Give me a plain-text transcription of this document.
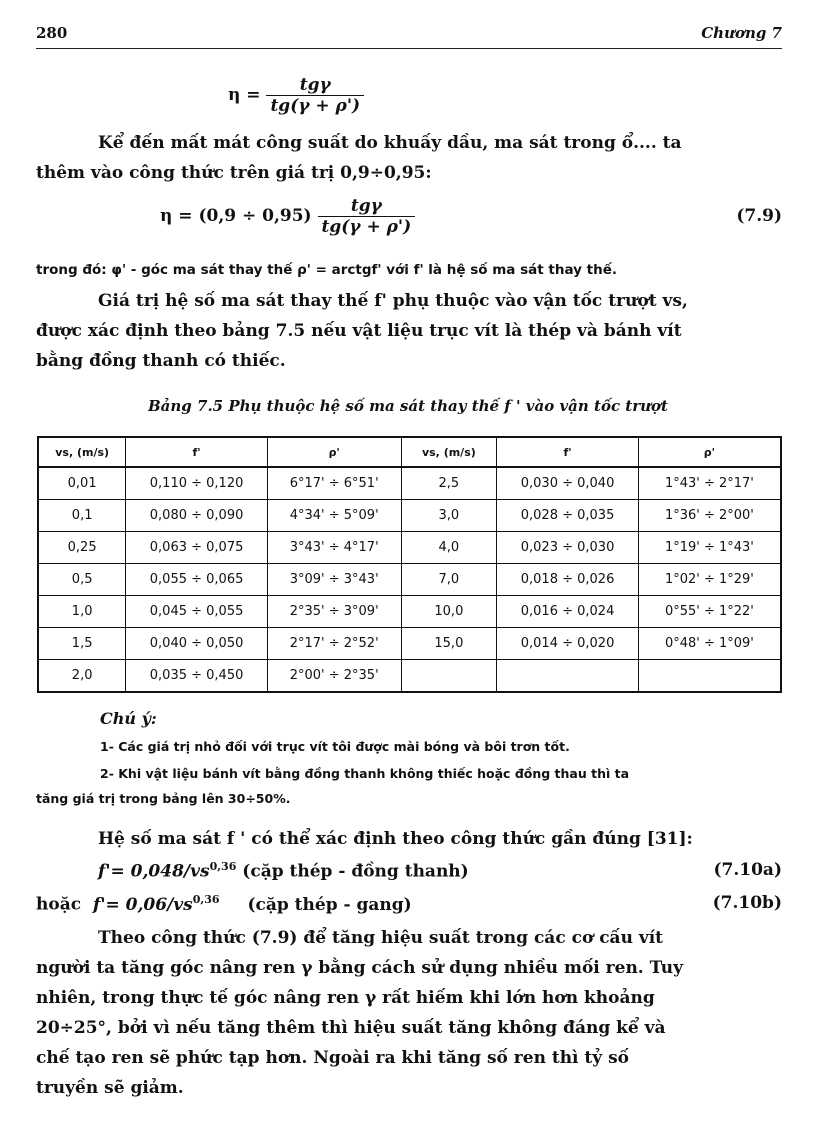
280	Chương 7
$\eta = \frac{\text{tgγ}}{tg(\gamma + \rho')}$
Kể đến mất mát công suất do khuấy dầu, ma sát trong ổ.... ta
thêm vào công thức trên giá trị 0,9÷0,95:
$\eta = (0,9 \div 0,95) \frac{\text{tgγ}}{tg(\gamma + \rho')}$	(7.9)
trong đó: φ' - góc ma sát thay thế ρ' = arctgf' với f' là hệ số ma sát thay thế.
Giá trị hệ số ma sát thay thế f' phụ thuộc vào vận tốc trượt vs,
được xác định theo bảng 7.5 nếu vật liệu trục vít là thép và bánh vít
bằng đồng thanh có thiếc.
Bảng 7.5 Phụ thuộc hệ số ma sát thay thế f ' vào vận tốc trượt
vs, (m/s)	f'	ρ'	vs, (m/s)	f'	ρ'
0,01	0,110 ÷ 0,120	6°17' ÷ 6°51'	2,5	0,030 ÷ 0,040	1°43' ÷ 2°17'
0,1	0,080 ÷ 0,090	4°34' ÷ 5°09'	3,0	0,028 ÷ 0,035	1°36' ÷ 2°00'
0,25	0,063 ÷ 0,075	3°43' ÷ 4°17'	4,0	0,023 ÷ 0,030	1°19' ÷ 1°43'
0,5	0,055 ÷ 0,065	3°09' ÷ 3°43'	7,0	0,018 ÷ 0,026	1°02' ÷ 1°29'
1,0	0,045 ÷ 0,055	2°35' ÷ 3°09'	10,0	0,016 ÷ 0,024	0°55' ÷ 1°22'
1,5	0,040 ÷ 0,050	2°17' ÷ 2°52'	15,0	0,014 ÷ 0,020	0°48' ÷ 1°09'
2,0	0,035 ÷ 0,450	2°00' ÷ 2°35'			
Chú ý:
1- Các giá trị nhỏ đối với trục vít tôi được mài bóng và bôi trơn tốt.
2- Khi vật liệu bánh vít bằng đồng thanh không thiếc hoặc đồng thau thì ta
tăng giá trị trong bảng lên 30÷50%.
Hệ số ma sát f ' có thể xác định theo công thức gần đúng [31]:
f'= 0,048/vs$^{0,36}$ (cặp thép - đồng thanh)	(7.10a)
hoặc f'= 0,06/vs$^{0,36}$ (cặp thép - gang)	(7.10b)
Theo công thức (7.9) để tăng hiệu suất trong các cơ cấu vít
người ta tăng góc nâng ren γ bằng cách sử dụng nhiều mối ren. Tuy
nhiên, trong thực tế góc nâng ren γ rất hiếm khi lớn hơn khoảng
20÷25°, bởi vì nếu tăng thêm thì hiệu suất tăng không đáng kể và
chế tạo ren sẽ phức tạp hơn. Ngoài ra khi tăng số ren thì tỷ số
truyền sẽ giảm.
